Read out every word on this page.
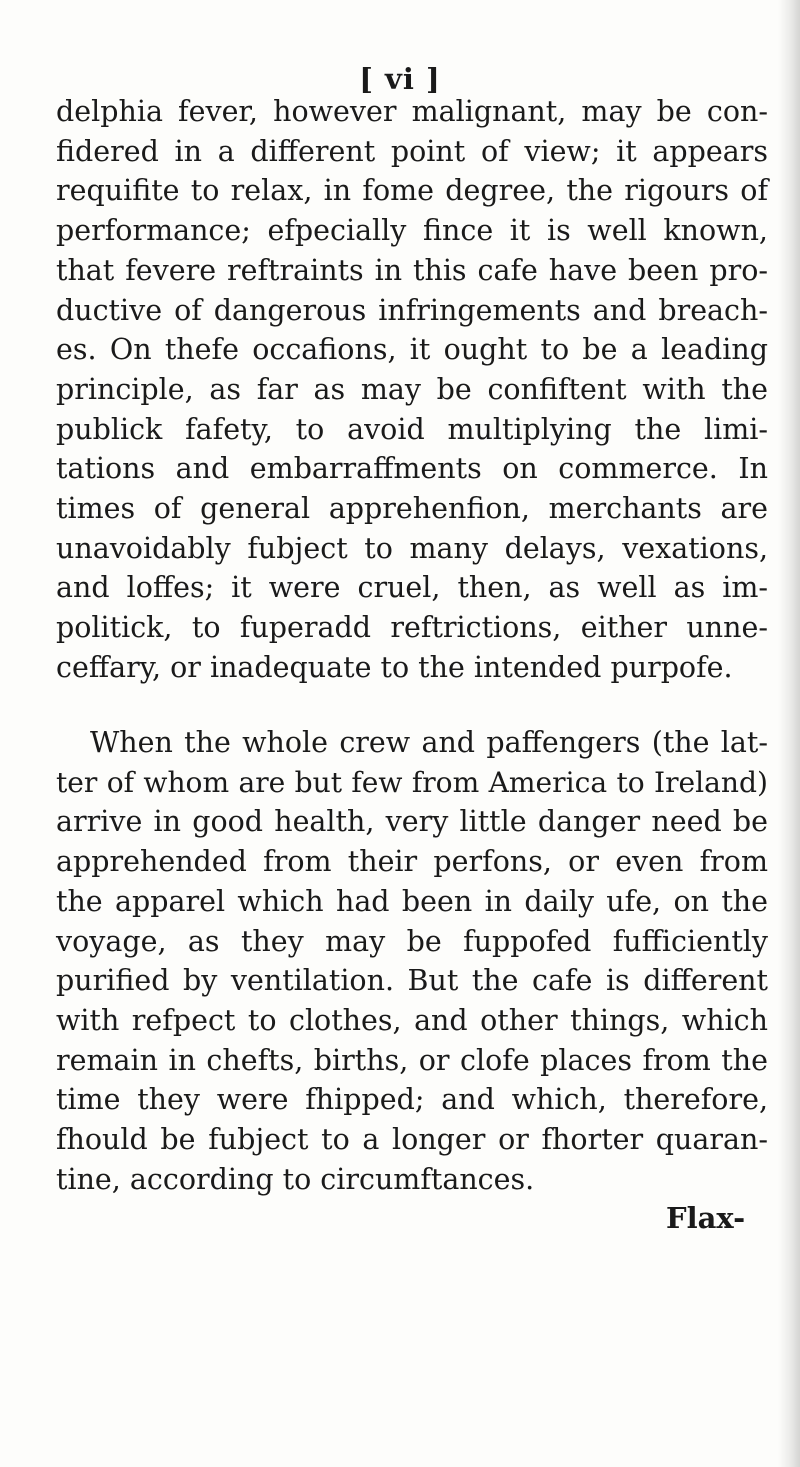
[ vi ]
delphia fever, however malignant, may be con-
fidered in a different point of view; it appears
requifite to relax, in fome degree, the rigours of
performance; efpecially fince it is well known,
that fevere reftraints in this cafe have been pro-
ductive of dangerous infringements and breach-
es. On thefe occafions, it ought to be a leading
principle, as far as may be confiftent with the
publick fafety, to avoid multiplying the limi-
tations and embarraffments on commerce. In
times of general apprehenfion, merchants are
unavoidably fubject to many delays, vexations,
and loffes; it were cruel, then, as well as im-
politick, to fuperadd reftrictions, either unne-
ceffary, or inadequate to the intended purpofe.
When the whole crew and paffengers (the lat-
ter of whom are but few from America to Ireland)
arrive in good health, very little danger need be
apprehended from their perfons, or even from
the apparel which had been in daily ufe, on the
voyage, as they may be fuppofed fufficiently
purified by ventilation. But the cafe is different
with refpect to clothes, and other things, which
remain in chefts, births, or clofe places from the
time they were fhipped; and which, therefore,
fhould be fubject to a longer or fhorter quaran-
tine, according to circumftances.
Flax-
